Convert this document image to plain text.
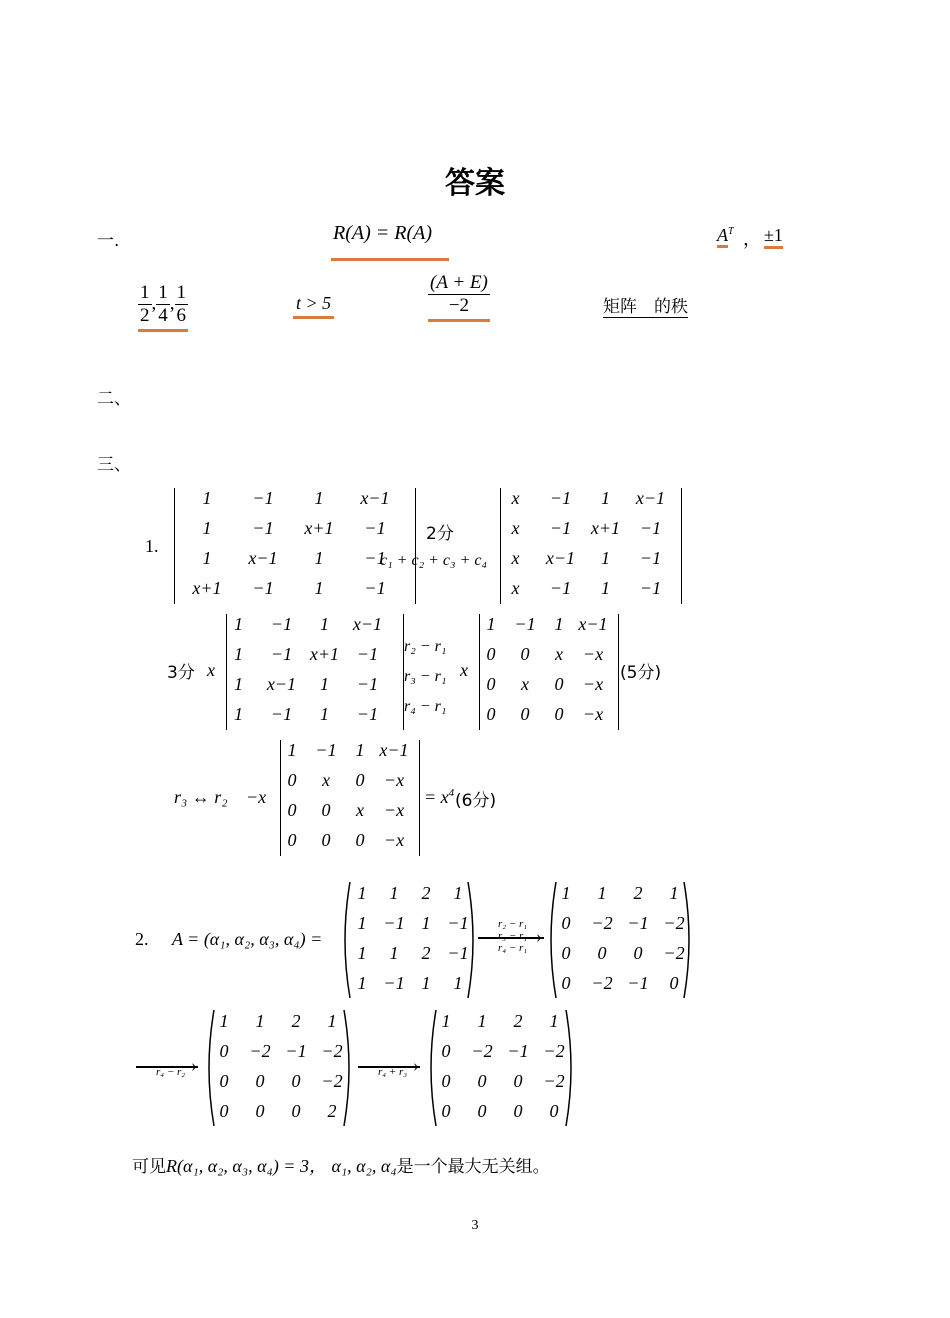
答案
一.	R(A) = R(A)	$A^T$ ， ±1
$\frac{1}{2}$ , $\frac{1}{4}$ , $\frac{1}{6}$	t > 5	$\frac{(A + E)}{-2}$	矩阵　的秩
二、
三、
1.
1	−1	1	x−1
1	−1	x+1	−1
1	x−1	1	−1
x+1	−1	1	−1
2分
c₁ + c₂ + c₃ + c₄
x	−1	1	x−1
x	−1	x+1	−1
x	x−1	1	−1
x	−1	1	−1
3分 x
1	−1	1	x−1
1	−1 x+1 −1
1	x−1	1	−1
1	−1	1	−1
r₂ − r₁
r₃ − r₁
r₄ − r₁
x
1	−1	1 x−1
0	0	x	−x
0	x	0	−x
0	0	0	−x
(5分)
r₃ ↔ r₂ −x
1	−1	1 x−1
0	x	0	−x
0	0	x	−x
0	0	0	−x
= $x^4$ (6分)
2. A = (α₁, α₂, α₃, α₄) =
1	1	2	1
1 −1 1 −1
1	1	2 −1
1 −1 1	1
›
r₂ − r₁
r₃ − r₁
r₄ − r₁
1	1	2	1
0	−2 −1 −2
0	0	0	−2
0	−2 −1	0
›
r₄ − r₂
1	1	2	1
0	−2 −1 −2
0	0	0	−2
0	0	0	2
›
r₄ + r₃
1	1	2	1
0	−2 −1 −2
0	0	0	−2
0	0	0	0
可见R(α₁, α₂, α₃, α₄) = 3， α₁, α₂, α₄是一个最大无关组。
3
